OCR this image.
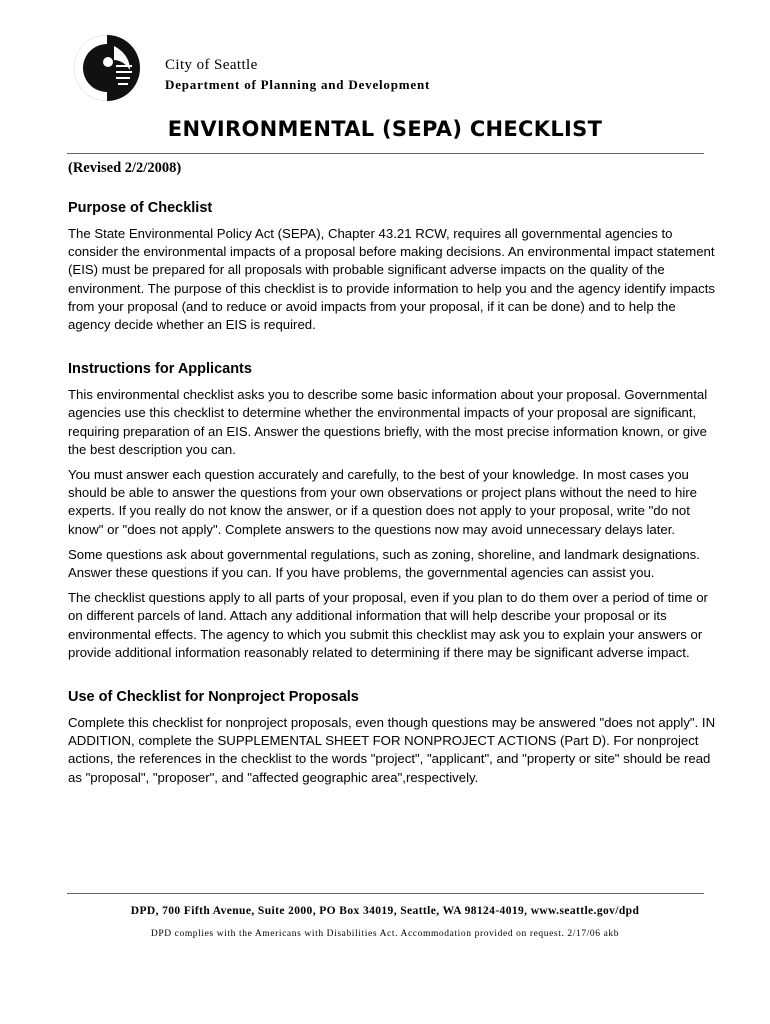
City of Seattle
Department of Planning and Development
ENVIRONMENTAL (SEPA) CHECKLIST
(Revised 2/2/2008)
Purpose of Checklist

The State Environmental Policy Act (SEPA), Chapter 43.21 RCW, requires all governmental agencies to consider the environmental impacts of a proposal before making decisions. An environmental impact statement (EIS) must be prepared for all proposals with probable significant adverse impacts on the quality of the environment. The purpose of this checklist is to provide information to help you and the agency identify impacts from your proposal (and to reduce or avoid impacts from your proposal, if it can be done) and to help the agency decide whether an EIS is required.

Instructions for Applicants

This environmental checklist asks you to describe some basic information about your proposal. Governmental agencies use this checklist to determine whether the environmental impacts of your proposal are significant, requiring preparation of an EIS. Answer the questions briefly, with the most precise information known, or give the best description you can.

You must answer each question accurately and carefully, to the best of your knowledge. In most cases you should be able to answer the questions from your own observations or project plans without the need to hire experts. If you really do not know the answer, or if a question does not apply to your proposal, write "do not know" or "does not apply". Complete answers to the questions now may avoid unnecessary delays later.

Some questions ask about governmental regulations, such as zoning, shoreline, and landmark designations. Answer these questions if you can. If you have problems, the governmental agencies can assist you.

The checklist questions apply to all parts of your proposal, even if you plan to do them over a period of time or on different parcels of land. Attach any additional information that will help describe your proposal or its environmental effects. The agency to which you submit this checklist may ask you to explain your answers or provide additional information reasonably related to determining if there may be significant adverse impact.

Use of Checklist for Nonproject Proposals

Complete this checklist for nonproject proposals, even though questions may be answered "does not apply". IN ADDITION, complete the SUPPLEMENTAL SHEET FOR NONPROJECT ACTIONS (Part D). For nonproject actions, the references in the checklist to the words "project", "applicant", and "property or site" should be read as "proposal", "proposer", and "affected geographic area",respectively.

DPD, 700 Fifth Avenue, Suite 2000, PO Box 34019, Seattle, WA 98124-4019, www.seattle.gov/dpd
DPD complies with the Americans with Disabilities Act. Accommodation provided on request. 2/17/06 akb
